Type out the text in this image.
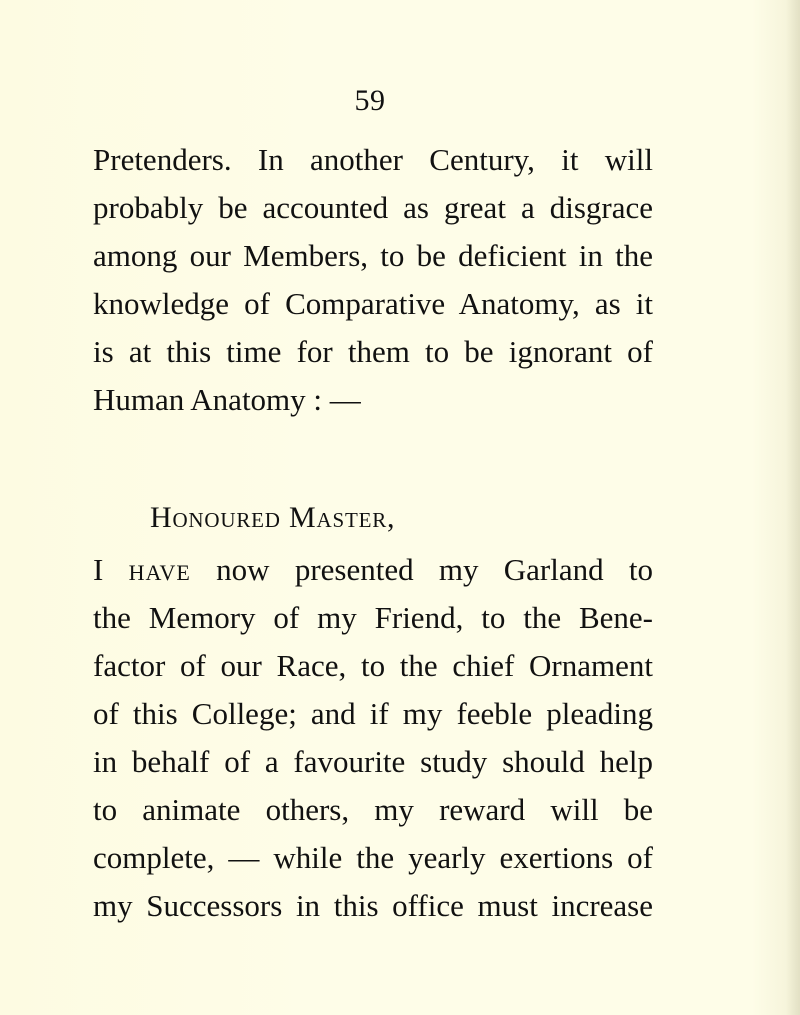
59
Pretenders. In another Century, it will
probably be accounted as great a disgrace
among our Members, to be deficient in the
knowledge of Comparative Anatomy, as it
is at this time for them to be ignorant of
Human Anatomy : —
Honoured Master,
I have now presented my Garland to
the Memory of my Friend, to the Bene-
factor of our Race, to the chief Ornament
of this College; and if my feeble pleading
in behalf of a favourite study should help
to animate others, my reward will be
complete, — while the yearly exertions of
my Successors in this office must increase
